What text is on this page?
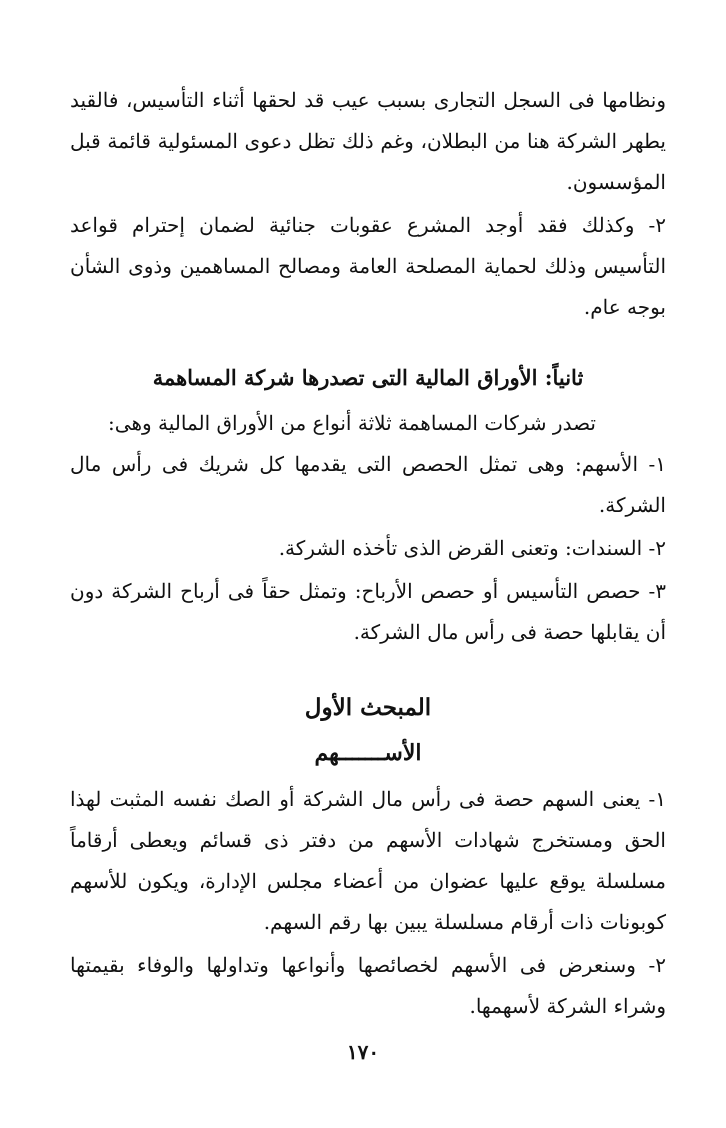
ونظامها فى السجل التجارى بسبب عيب قد لحقها أثناء التأسيس، فالقيد يطهر الشركة هنا من البطلان، وغم ذلك تظل دعوى المسئولية قائمة قبل المؤسسون.

٢- وكذلك فقد أوجد المشرع عقوبات جنائية لضمان إحترام قواعد التأسيس وذلك لحماية المصلحة العامة ومصالح المساهمين وذوى الشأن بوجه عام.

ثانياً: الأوراق المالية التى تصدرها شركة المساهمة

تصدر شركات المساهمة ثلاثة أنواع من الأوراق المالية وهى:

١- الأسهم: وهى تمثل الحصص التى يقدمها كل شريك فى رأس مال الشركة.

٢- السندات: وتعنى القرض الذى تأخذه الشركة.

٣- حصص التأسيس أو حصص الأرباح: وتمثل حقاً فى أرباح الشركة دون أن يقابلها حصة فى رأس مال الشركة.

المبحث الأول
الأســـــــهم

١- يعنى السهم حصة فى رأس مال الشركة أو الصك نفسه المثبت لهذا الحق ومستخرج شهادات الأسهم من دفتر ذى قسائم ويعطى أرقاماً مسلسلة يوقع عليها عضوان من أعضاء مجلس الإدارة، ويكون للأسهم كوبونات ذات أرقام مسلسلة يبين بها رقم السهم.

٢- وسنعرض فى الأسهم لخصائصها وأنواعها وتداولها والوفاء بقيمتها وشراء الشركة لأسهمها.

١٧٠
